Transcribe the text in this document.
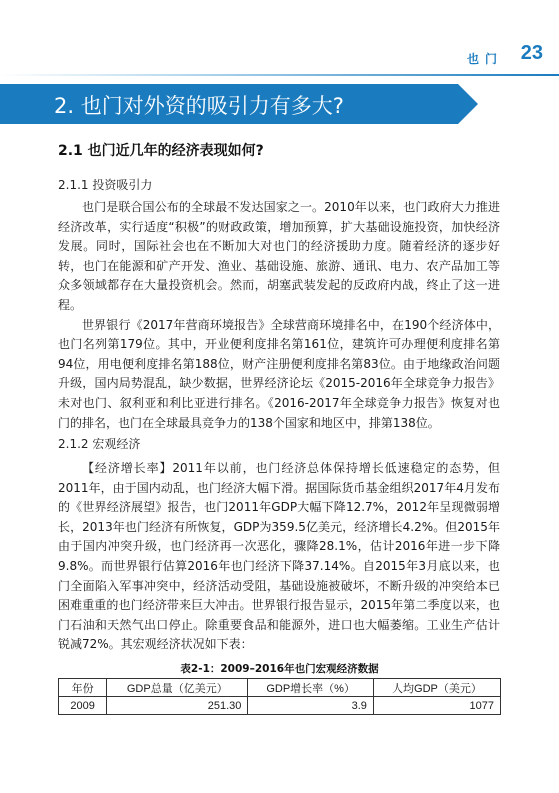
也门 23
2. 也门对外资的吸引力有多大?
2.1 也门近几年的经济表现如何?
2.1.1 投资吸引力

也门是联合国公布的全球最不发达国家之一。2010年以来，也门政府大力推进经济改革，实行适度“积极”的财政政策，增加预算，扩大基础设施投资，加快经济发展。同时，国际社会也在不断加大对也门的经济援助力度。随着经济的逐步好转，也门在能源和矿产开发、渔业、基础设施、旅游、通讯、电力、农产品加工等众多领域都存在大量投资机会。然而，胡塞武装发起的反政府内战，终止了这一进程。

世界银行《2017年营商环境报告》全球营商环境排名中，在190个经济体中，也门名列第179位。其中，开业便利度排名第161位，建筑许可办理便利度排名第94位，用电便利度排名第188位，财产注册便利度排名第83位。由于地缘政治问题升级，国内局势混乱，缺少数据，世界经济论坛《2015-2016年全球竞争力报告》未对也门、叙利亚和利比亚进行排名。《2016-2017年全球竞争力报告》恢复对也门的排名，也门在全球最具竞争力的138个国家和地区中，排第138位。

2.1.2 宏观经济

【经济增长率】2011年以前，也门经济总体保持增长低速稳定的态势，但2011年，由于国内动乱，也门经济大幅下滑。据国际货币基金组织2017年4月发布的《世界经济展望》报告，也门2011年GDP大幅下降12.7%，2012年呈现微弱增长，2013年也门经济有所恢复，GDP为359.5亿美元，经济增长4.2%。但2015年由于国内冲突升级，也门经济再一次恶化，骤降28.1%，估计2016年进一步下降9.8%。而世界银行估算2016年也门经济下降37.14%。自2015年3月底以来，也门全面陷入军事冲突中，经济活动受阻，基础设施被破坏，不断升级的冲突给本已困难重重的也门经济带来巨大冲击。世界银行报告显示，2015年第二季度以来，也门石油和天然气出口停止。除重要食品和能源外，进口也大幅萎缩。工业生产估计锐减72%。其宏观经济状况如下表：

表2-1：2009–2016年也门宏观经济数据
年份	GDP总量（亿美元）	GDP增长率（%）	人均GDP（美元）
2009	251.30	3.9	1077
